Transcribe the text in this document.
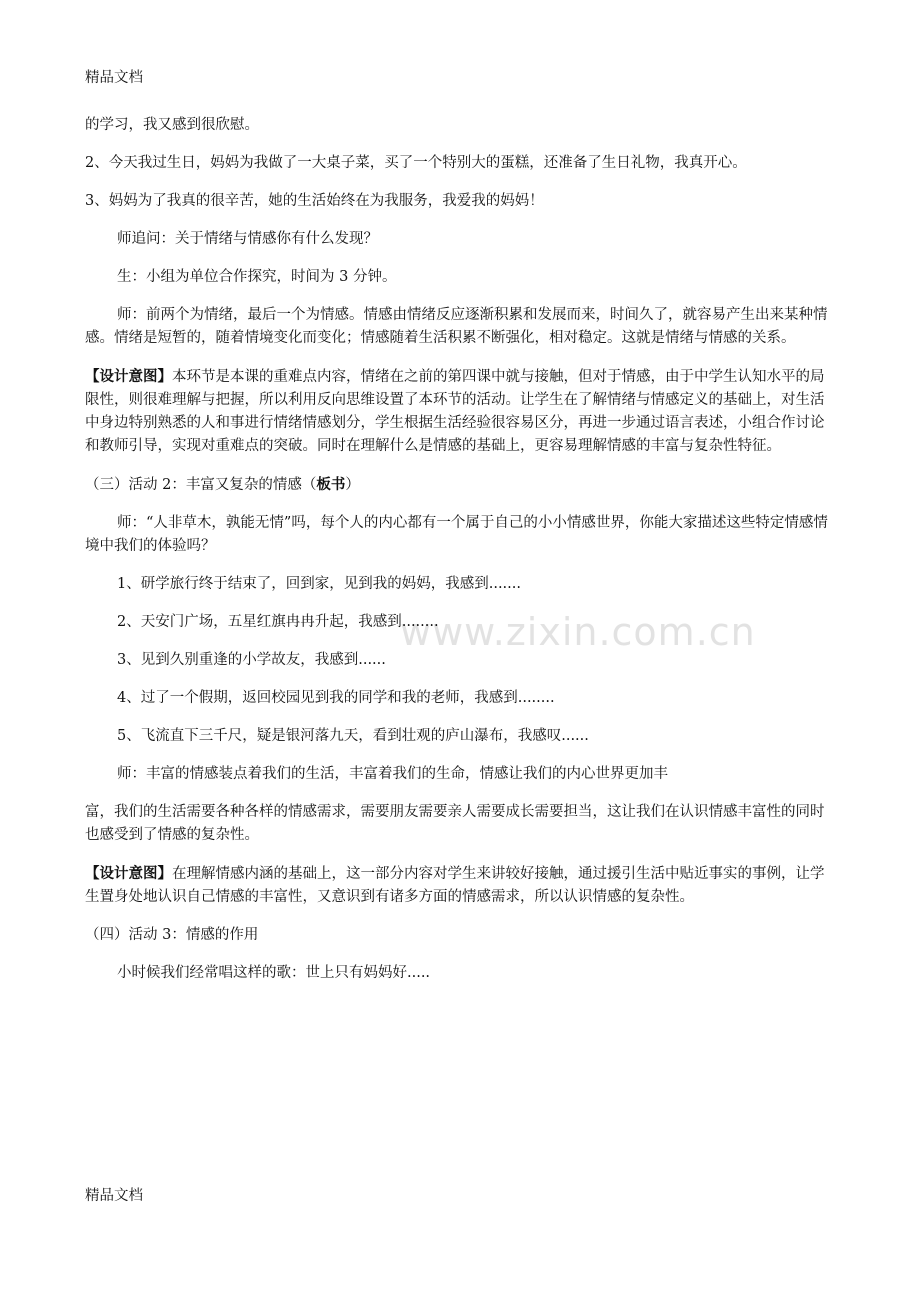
精品文档
www.zixin.com.cn

的学习，我又感到很欣慰。

2、今天我过生日，妈妈为我做了一大桌子菜，买了一个特别大的蛋糕，还准备了生日礼物，我真开心。

3、妈妈为了我真的很辛苦，她的生活始终在为我服务，我爱我的妈妈！

师追问：关于情绪与情感你有什么发现？

生：小组为单位合作探究，时间为 3 分钟。

师：前两个为情绪，最后一个为情感。情感由情绪反应逐渐积累和发展而来，时间久了，就容易产生出来某种情感。情绪是短暂的，随着情境变化而变化；情感随着生活积累不断强化，相对稳定。这就是情绪与情感的关系。

【设计意图】本环节是本课的重难点内容，情绪在之前的第四课中就与接触，但对于情感，由于中学生认知水平的局限性，则很难理解与把握，所以利用反向思维设置了本环节的活动。让学生在了解情绪与情感定义的基础上，对生活中身边特别熟悉的人和事进行情绪情感划分，学生根据生活经验很容易区分，再进一步通过语言表述，小组合作讨论和教师引导，实现对重难点的突破。同时在理解什么是情感的基础上，更容易理解情感的丰富与复杂性特征。

（三）活动 2：丰富又复杂的情感（板书）

师：“人非草木，孰能无情”吗，每个人的内心都有一个属于自己的小小情感世界，你能大家描述这些特定情感情境中我们的体验吗？

1、研学旅行终于结束了，回到家，见到我的妈妈，我感到.......

2、天安门广场，五星红旗冉冉升起，我感到........

3、见到久别重逢的小学故友，我感到......

4、过了一个假期，返回校园见到我的同学和我的老师，我感到........

5、飞流直下三千尺，疑是银河落九天，看到壮观的庐山瀑布，我感叹......

师：丰富的情感装点着我们的生活，丰富着我们的生命，情感让我们的内心世界更加丰

富，我们的生活需要各种各样的情感需求，需要朋友需要亲人需要成长需要担当，这让我们在认识情感丰富性的同时也感受到了情感的复杂性。

【设计意图】在理解情感内涵的基础上，这一部分内容对学生来讲较好接触，通过援引生活中贴近事实的事例，让学生置身处地认识自己情感的丰富性，又意识到有诸多方面的情感需求，所以认识情感的复杂性。

（四）活动 3：情感的作用

小时候我们经常唱这样的歌：世上只有妈妈好.....

精品文档
